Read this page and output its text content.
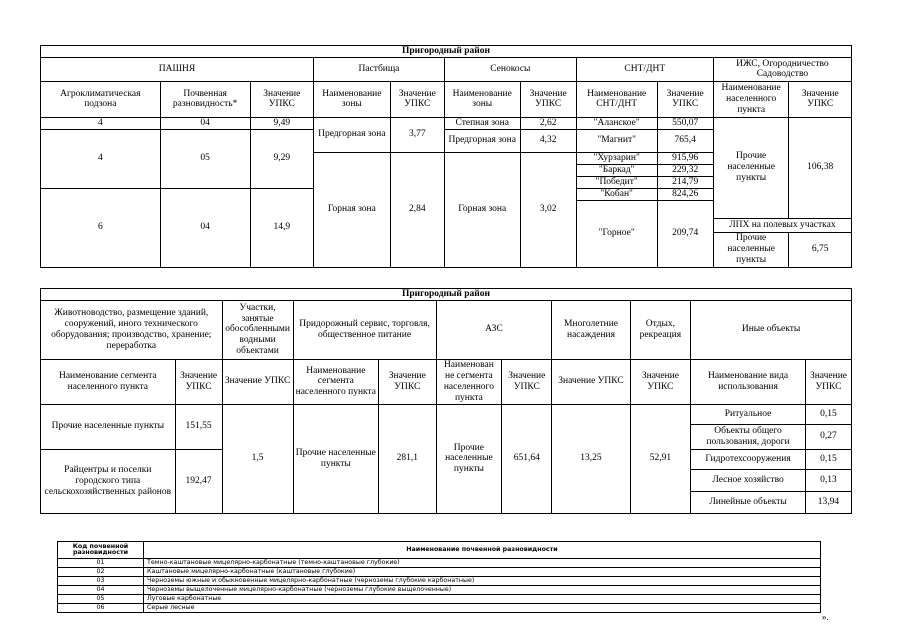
Пригородный район										
ПАШНЯ			Пастбища		Сенокосы		СНТ/ДНТ		ИЖС, Огородничество Садоводство	
Агроклиматическая подзона	Почвенная разновидность*	Значение УПКС	Наименование зоны	Значение УПКС	Наименование зоны	Значение УПКС	Наименование СНТ/ДНТ	Значение УПКС	Наименование населенного пункта	Значение УПКС
4	04	9,49	Предгорная зона	3,77	Степная зона	2,62	"Аланское"	550,07	Прочие населенные пункты	106,38
4	05	9,29			Предгорная зона	4,32	"Магнит"	765,4		
			Горная зона	2,84	Горная зона	3,02	"Хурзарин"	915,96		
							"Баркад"	229,32		
							"Победит"	214,79		
6	04	14,9					"Кобан"	824,26		
							"Горное"	209,74		
									ЛПХ на полевых участках	
									Прочие населенные пункты	6,75
Пригородный район										
Животноводство, размещение зданий, сооружений, иного технического оборудования; производство, хранение; переработка		Участки, занятые обособленными водными объектами	Придорожный сервис, торговля, общественное питание		АЗС		Многолетние насаждения	Отдых, рекреация	Иные объекты	
Наименование сегмента населенного пункта	Значение УПКС	Значение УПКС	Наименование сегмента населенного пункта	Значение УПКС	Наименован не сегмента населенного пункта	Значение УПКС	Значение УПКС	Значение УПКС	Наименование вида использования	Значение УПКС
Прочие населенные пункты	151,55	1,5	Прочие населенные пункты	281,1	Прочие населенные пункты	651,64	13,25	52,91	Ритуальное	0,15
									Объекты общего пользования, дороги	0,27
Райцентры и поселки городского типа сельскохозяйственных районов	192,47								Гидротехсооружения	0,15
									Лесное хозяйство	0,13
									Линейные объекты	13,94
Код почвенной разновидности	Наименование почвенной разновидности
01	Темно-каштановые мицелярно-карбонатные (темно-каштановые глубокие)
02	Каштановые мицелярно-карбонатные (каштановые глубокие)
03	Черноземы южные и обыкновенные мицелярно-карбонатные (черноземы глубокие карбонатные)
04	Черноземы выщелоченные мицелярно-карбонатные (черноземы глубокие выщелоченные)
05	Луговые карбонатные
06	Серые лесные
».
